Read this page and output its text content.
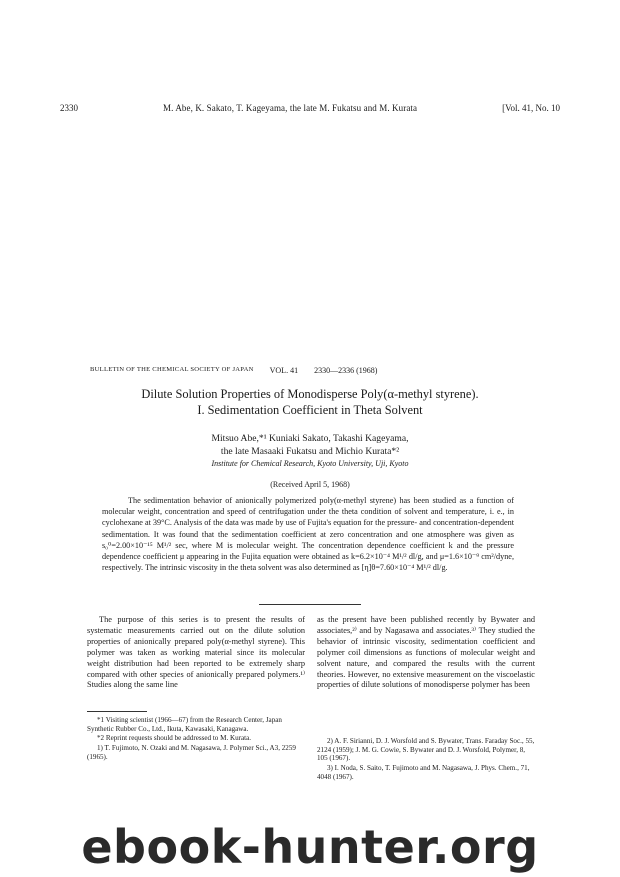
2330	M. Abe, K. Sakato, T. Kageyama, the late M. Fukatsu and M. Kurata	[Vol. 41, No. 10
BULLETIN OF THE CHEMICAL SOCIETY OF JAPAN VOL. 41 2330—2336 (1968)
Dilute Solution Properties of Monodisperse Poly(α-methyl styrene).
I. Sedimentation Coefficient in Theta Solvent
Mitsuo Abe,*¹ Kuniaki Sakato, Takashi Kageyama,
the late Masaaki Fukatsu and Michio Kurata*²
Institute for Chemical Research, Kyoto University, Uji, Kyoto
(Received April 5, 1968)

The sedimentation behavior of anionically polymerized poly(α-methyl styrene) has been studied as a function of molecular weight, concentration and speed of centrifugation under the theta condition of solvent and temperature, i. e., in cyclohexane at 39°C. Analysis of the data was made by use of Fujita's equation for the pressure- and concentration-dependent sedimentation. It was found that the sedimentation coefficient at zero concentration and one atmosphere was given as s₀⁰=2.00×10⁻¹⁵ M¹/² sec, where M is molecular weight. The concentration dependence coefficient k and the pressure dependence coefficient μ appearing in the Fujita equation were obtained as k=6.2×10⁻⁴ M¹/² dl/g, and μ=1.6×10⁻⁹ cm²/dyne, respectively. The intrinsic viscosity in the theta solvent was also determined as [η]θ=7.60×10⁻⁴ M¹/² dl/g.

The purpose of this series is to present the results of systematic measurements carried out on the dilute solution properties of anionically prepared poly(α-methyl styrene). This polymer was taken as working material since its molecular weight distribution had been reported to be extremely sharp compared with other species of anionically prepared polymers.¹⁾ Studies along the same line

as the present have been published recently by Bywater and associates,²⁾ and by Nagasawa and associates.³⁾ They studied the behavior of intrinsic viscosity, sedimentation coefficient and polymer coil dimensions as functions of molecular weight and solvent nature, and compared the results with the current theories. However, no extensive measurement on the viscoelastic properties of dilute solutions of monodisperse polymer has been

*1 Visiting scientist (1966—67) from the Research Center, Japan Synthetic Rubber Co., Ltd., Ikuta, Kawasaki, Kanagawa.

*2 Reprint requests should be addressed to M. Kurata.

1) T. Fujimoto, N. Ozaki and M. Nagasawa, J. Polymer Sci., A3, 2259 (1965).

2) A. F. Sirianni, D. J. Worsfold and S. Bywater, Trans. Faraday Soc., 55, 2124 (1959); J. M. G. Cowie, S. Bywater and D. J. Worsfold, Polymer, 8, 105 (1967).

3) I. Noda, S. Saito, T. Fujimoto and M. Nagasawa, J. Phys. Chem., 71, 4048 (1967).

ebook-hunter.org
